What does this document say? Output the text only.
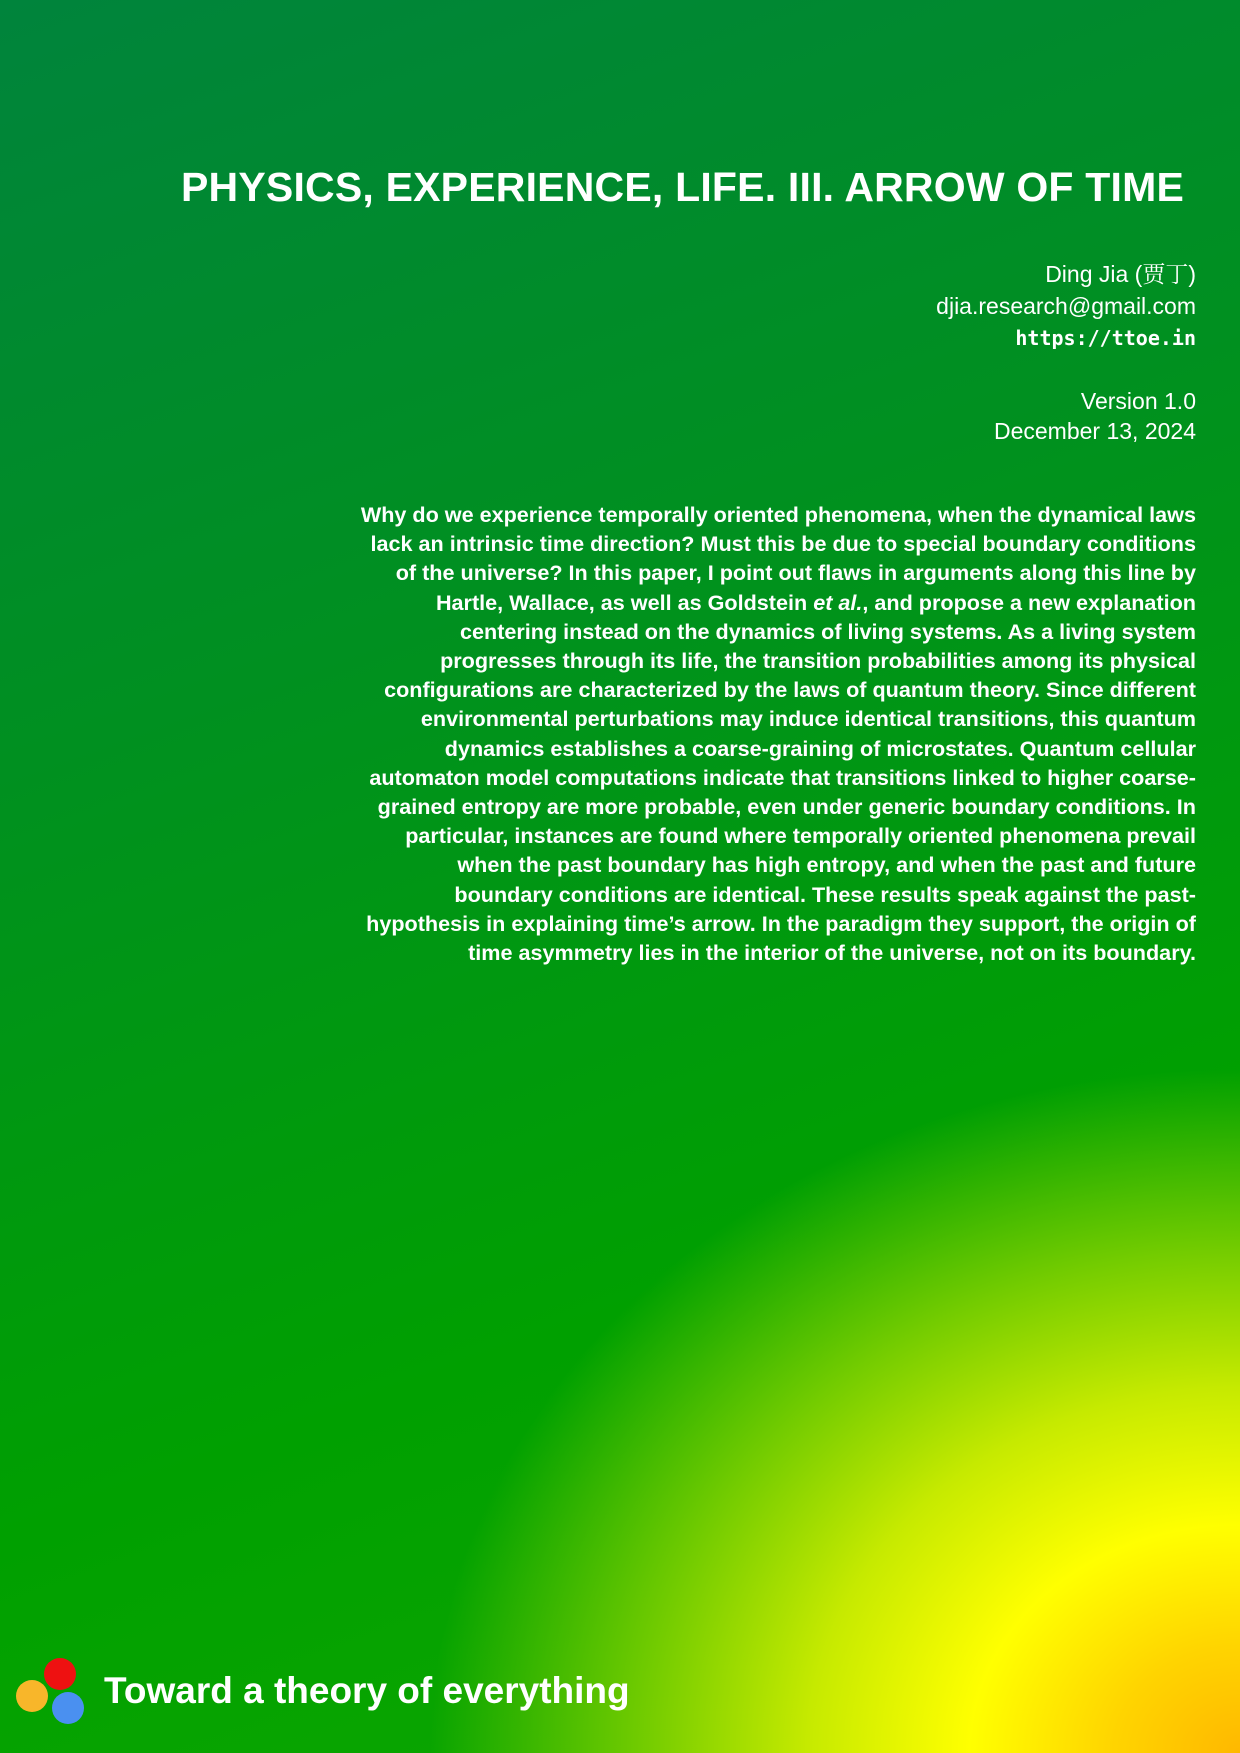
PHYSICS, EXPERIENCE, LIFE. III. ARROW OF TIME
Ding Jia (贾丁)
djia.research@gmail.com
https://ttoe.in
Version 1.0
December 13, 2024

Why do we experience temporally oriented phenomena, when the dynamical laws lack an intrinsic time direction? Must this be due to special boundary conditions of the universe? In this paper, I point out flaws in arguments along this line by Hartle, Wallace, as well as Goldstein et al., and propose a new explanation centering instead on the dynamics of living systems. As a living system progresses through its life, the transition probabilities among its physical configurations are characterized by the laws of quantum theory. Since different environmental perturbations may induce identical transitions, this quantum dynamics establishes a coarse-graining of microstates. Quantum cellular automaton model computations indicate that transitions linked to higher coarse-grained entropy are more probable, even under generic boundary conditions. In particular, instances are found where temporally oriented phenomena prevail when the past boundary has high entropy, and when the past and future boundary conditions are identical. These results speak against the past-hypothesis in explaining time’s arrow. In the paradigm they support, the origin of time asymmetry lies in the interior of the universe, not on its boundary.

Toward a theory of everything
